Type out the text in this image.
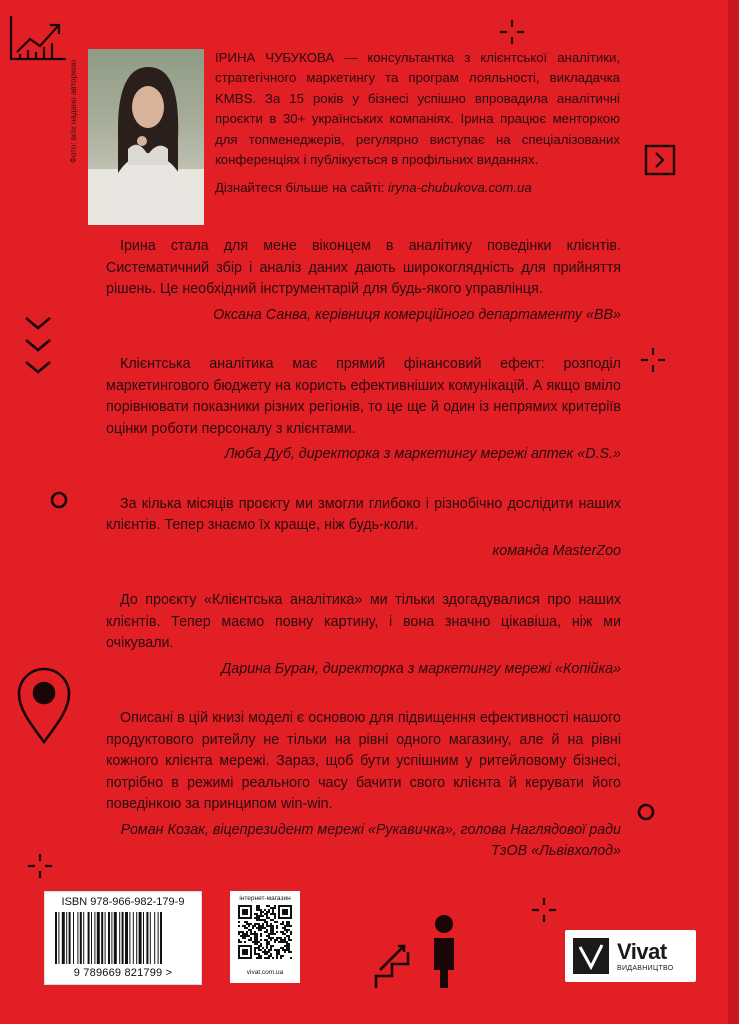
Фото: всіх надано авторкою
ІРИНА ЧУБУКОВА — консультантка з клієнтської аналітики, стратегічного маркетингу та програм лояльності, викладачка KMBS. За 15 років у бізнесі успішно впровадила аналітичні проєкти в 30+ українських компаніях. Ірина працює менторкою для топменеджерів, регулярно виступає на спеціалізованих конференціях і публікується в профільних виданнях.
Дізнайтеся більше на сайті: iryna-chubukova.com.ua

Ірина стала для мене віконцем в аналітику поведінки клієнтів. Систематичний збір і аналіз даних дають широкоглядність для прийняття рішень. Це необхідний інструментарій для будь-якого управлінця.

Оксана Санва, керівниця комерційного департаменту «ВВ»

Клієнтська аналітика має прямий фінансовий ефект: розподіл маркетингового бюджету на користь ефективніших комунікацій. А якщо вміло порівнювати показники різних регіонів, то це ще й один із непрямих критеріїв оцінки роботи персоналу з клієнтами.

Люба Дуб, директорка з маркетингу мережі аптек «D.S.»

За кілька місяців проєкту ми змогли глибоко і різнобічно дослідити наших клієнтів. Тепер знаємо їх краще, ніж будь-коли.

команда MasterZoo

До проєкту «Клієнтська аналітика» ми тільки здогадувалися про наших клієнтів. Тепер маємо повну картину, і вона значно цікавіша, ніж ми очікували.

Дарина Буран, директорка з маркетингу мережі «Копійка»

Описані в цій книзі моделі є основою для підвищення ефективності нашого продуктового ритейлу не тільки на рівні одного магазину, але й на рівні кожного клієнта мережі. Зараз, щоб бути успішним у ритейловому бізнесі, потрібно в режимі реального часу бачити свого клієнта й керувати його поведінкою за принципом win-win.

Роман Козак, віцепрезидент мережі «Рукавичка», голова Наглядової ради ТзОВ «Львівхолод»
ISBN 978-966-982-179-9
9 789669 821799 >
інтернет-магазин
vivat.com.ua
Vivat
ВИДАВНИЦТВО
